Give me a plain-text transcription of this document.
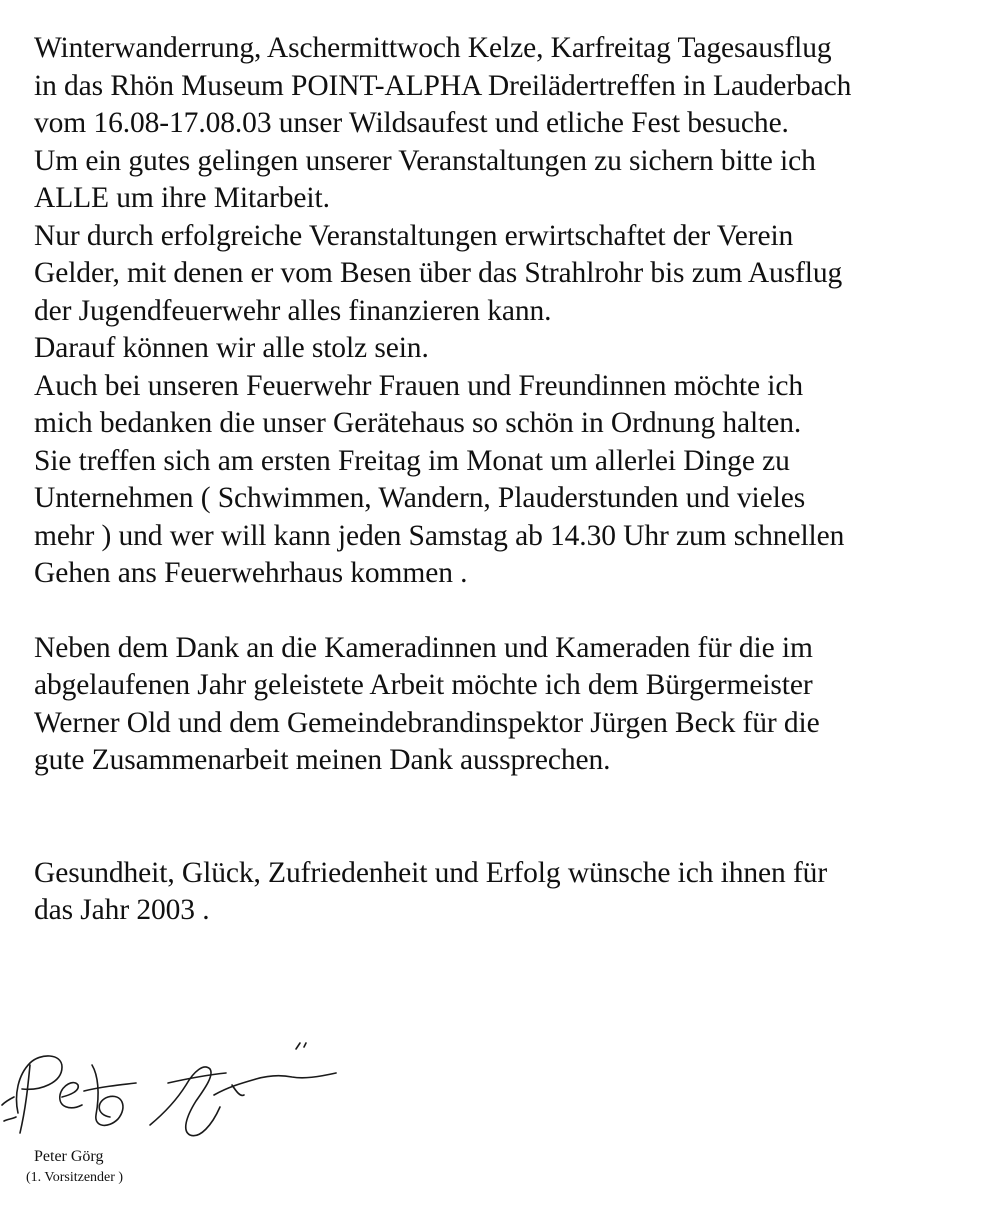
Winterwanderrung, Aschermittwoch Kelze, Karfreitag Tagesausflug
in das Rhön Museum POINT-ALPHA Dreilädertreffen in Lauderbach
vom 16.08-17.08.03 unser Wildsaufest und etliche Fest besuche.
Um ein gutes gelingen unserer Veranstaltungen zu sichern bitte ich
ALLE um ihre Mitarbeit.
Nur durch erfolgreiche Veranstaltungen erwirtschaftet der Verein
Gelder, mit denen er vom Besen über das Strahlrohr bis zum Ausflug
der Jugendfeuerwehr alles finanzieren kann.
Darauf können wir alle stolz sein.
Auch bei unseren Feuerwehr Frauen und Freundinnen möchte ich
mich bedanken die unser Gerätehaus so schön in Ordnung halten.
Sie treffen sich am ersten Freitag im Monat um allerlei Dinge zu
Unternehmen ( Schwimmen, Wandern, Plauderstunden und vieles
mehr ) und wer will kann jeden Samstag ab 14.30 Uhr zum schnellen
Gehen ans Feuerwehrhaus kommen .
Neben dem Dank an die Kameradinnen und Kameraden für die im
abgelaufenen Jahr geleistete Arbeit möchte ich dem Bürgermeister
Werner Old und dem Gemeindebrandinspektor Jürgen Beck für die
gute Zusammenarbeit meinen Dank aussprechen.
Gesundheit, Glück, Zufriedenheit und Erfolg wünsche ich ihnen für
das Jahr 2003 .
Peter Görg
(1. Vorsitzender )
